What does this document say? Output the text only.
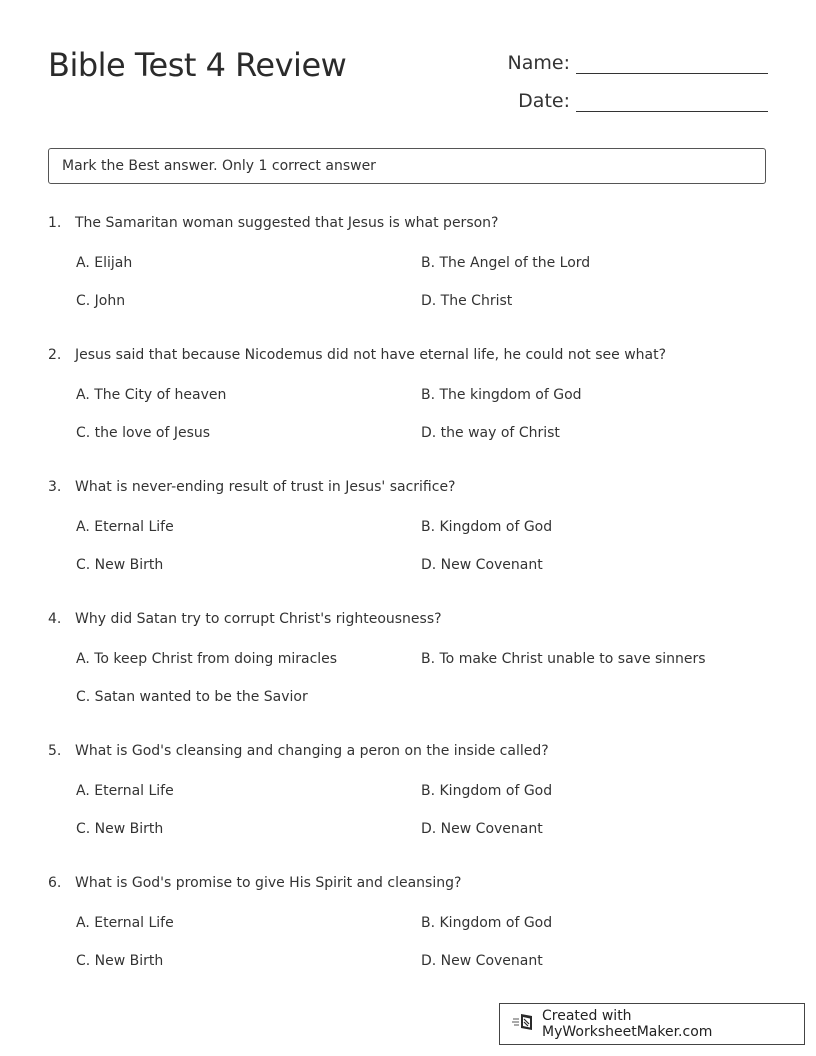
Bible Test 4 Review	Name:
Date:
Mark the Best answer. Only 1 correct answer
1. The Samaritan woman suggested that Jesus is what person?
A. Elijah	B. The Angel of the Lord
C. John	D. The Christ
2. Jesus said that because Nicodemus did not have eternal life, he could not see what?
A. The City of heaven	B. The kingdom of God
C. the love of Jesus	D. the way of Christ
3. What is never-ending result of trust in Jesus' sacrifice?
A. Eternal Life	B. Kingdom of God
C. New Birth	D. New Covenant
4. Why did Satan try to corrupt Christ's righteousness?
A. To keep Christ from doing miracles	B. To make Christ unable to save sinners
C. Satan wanted to be the Savior
5. What is God's cleansing and changing a peron on the inside called?
A. Eternal Life	B. Kingdom of God
C. New Birth	D. New Covenant
6. What is God's promise to give His Spirit and cleansing?
A. Eternal Life	B. Kingdom of God
C. New Birth	D. New Covenant
Created with MyWorksheetMaker.com
